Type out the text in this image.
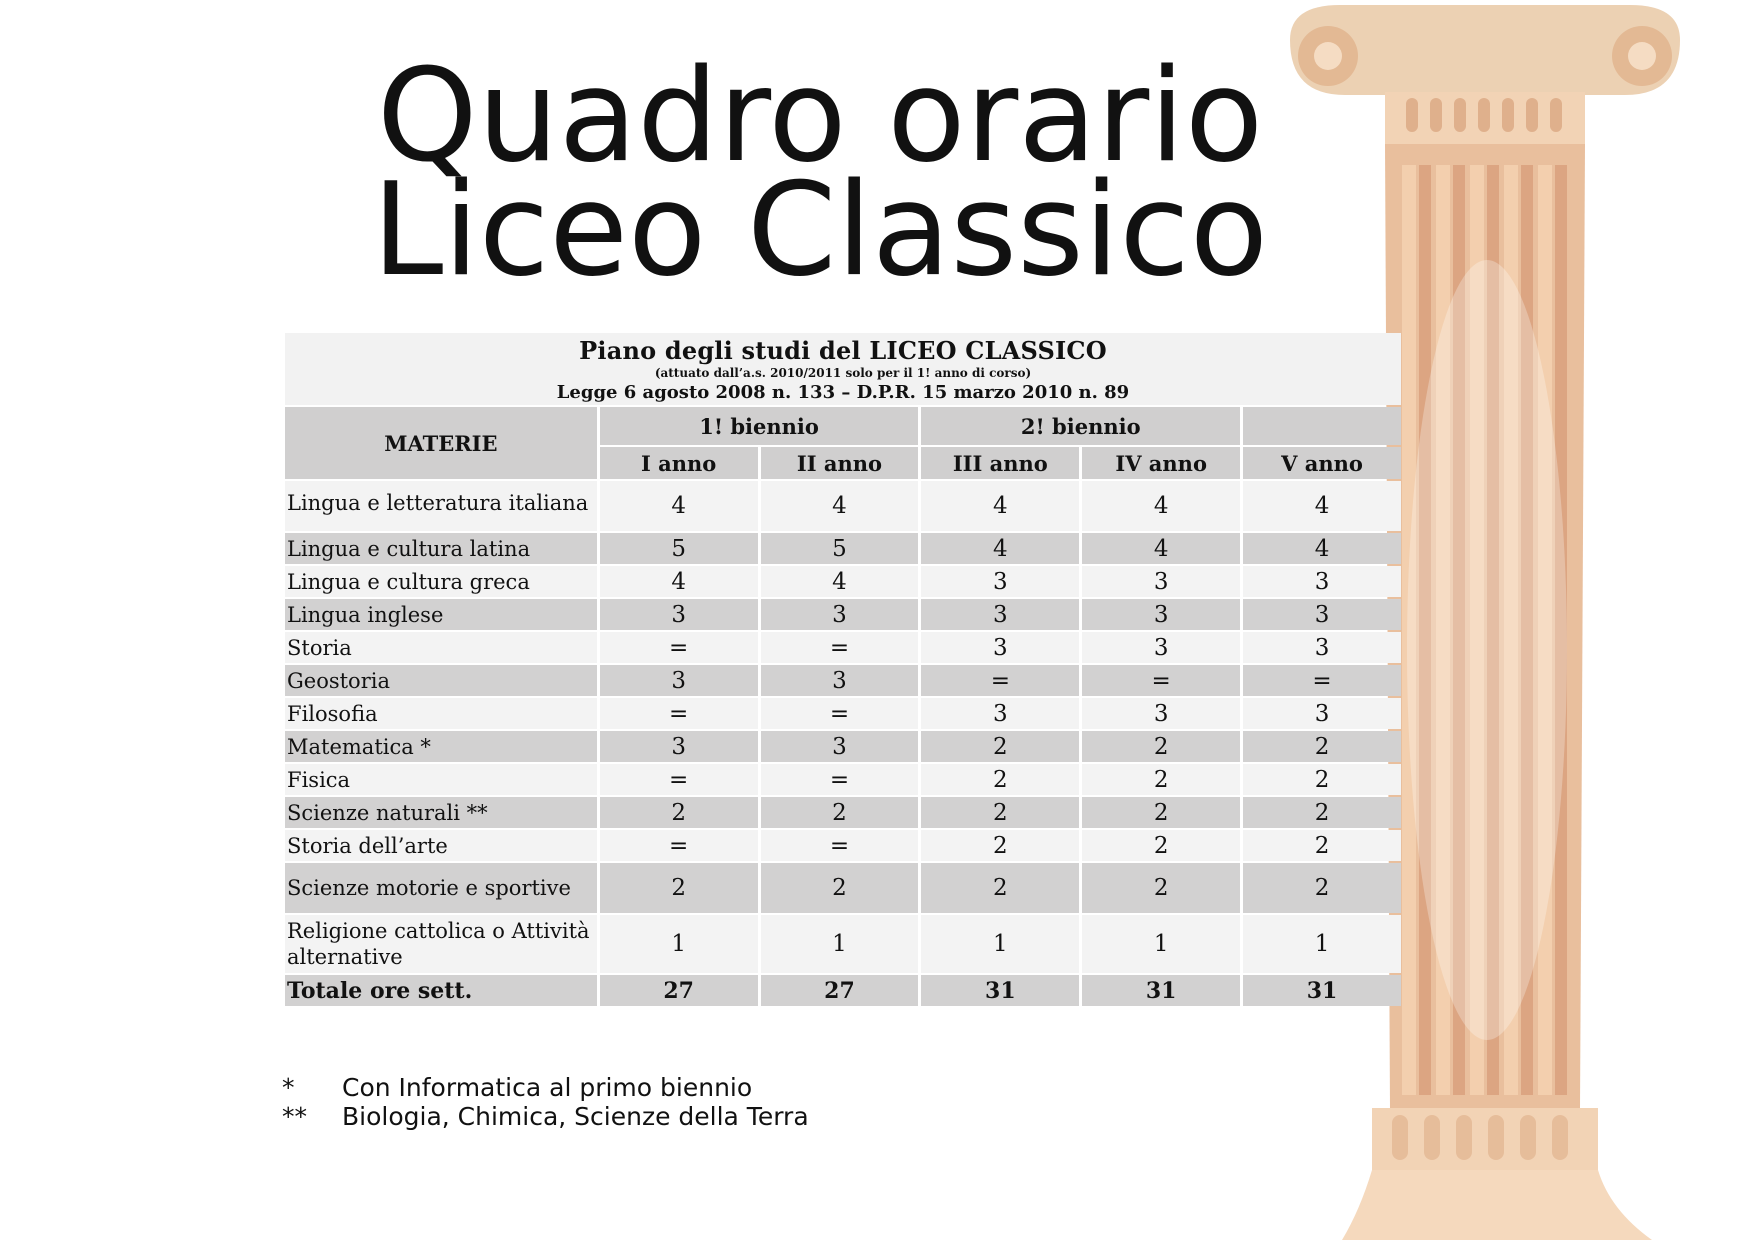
Quadro orario
Liceo Classico
Piano degli studi del LICEO CLASSICO
(attuato dall’a.s. 2010/2011 solo per il 1! anno di corso)
Legge 6 agosto 2008 n. 133 – D.P.R. 15 marzo 2010 n. 89					

MATERIE	1! biennio		2! biennio		
	I anno	II anno	III anno	IV anno	V anno
Lingua e letteratura italiana	4	4	4	4	4
Lingua e cultura latina	5	5	4	4	4
Lingua e cultura greca	4	4	3	3	3
Lingua inglese	3	3	3	3	3
Storia	=	=	3	3	3
Geostoria	3	3	=	=	=
Filosofia	=	=	3	3	3
Matematica *	3	3	2	2	2
Fisica	=	=	2	2	2
Scienze naturali **	2	2	2	2	2
Storia dell’arte	=	=	2	2	2
Scienze motorie e sportive	2	2	2	2	2
Religione cattolica o Attività alternative	1	1	1	1	1
Totale ore sett.	27	27	31	31	31
* Con Informatica al primo biennio
** Biologia, Chimica, Scienze della Terra
